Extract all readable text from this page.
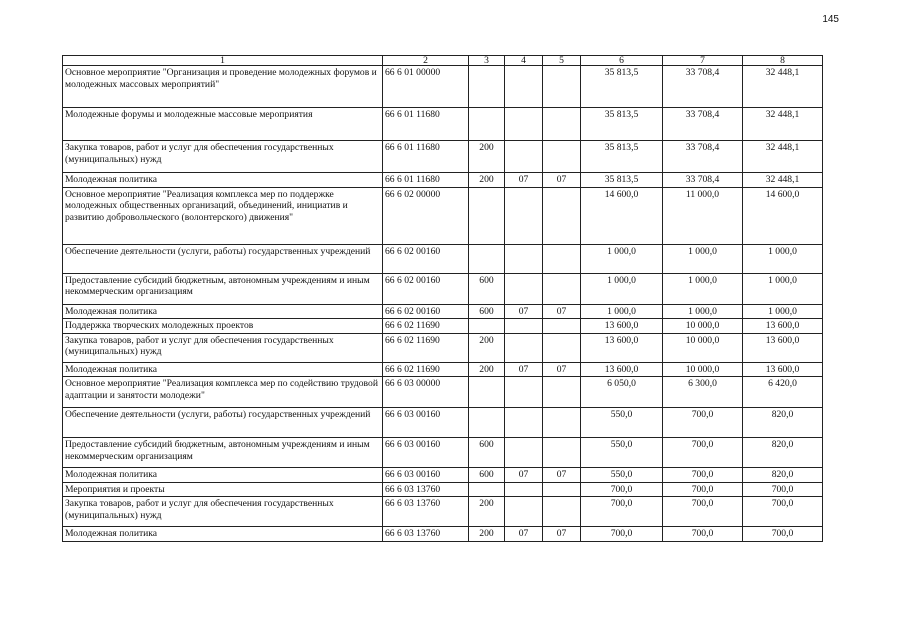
145
1	2	3	4	5	6	7	8
Основное мероприятие "Организация и проведение молодежных форумов и молодежных массовых мероприятий"	66 6 01 00000				35 813,5	33 708,4	32 448,1
Молодежные форумы и молодежные массовые мероприятия	66 6 01 11680				35 813,5	33 708,4	32 448,1
Закупка товаров, работ и услуг для обеспечения государственных (муниципальных) нужд	66 6 01 11680	200			35 813,5	33 708,4	32 448,1
Молодежная политика	66 6 01 11680	200	07	07	35 813,5	33 708,4	32 448,1
Основное мероприятие "Реализация комплекса мер по поддержке молодежных общественных организаций, объединений, инициатив и развитию добровольческого (волонтерского) движения"	66 6 02 00000				14 600,0	11 000,0	14 600,0
Обеспечение деятельности (услуги, работы) государственных учреждений	66 6 02 00160				1 000,0	1 000,0	1 000,0
Предоставление субсидий бюджетным, автономным учреждениям и иным некоммерческим организациям	66 6 02 00160	600			1 000,0	1 000,0	1 000,0
Молодежная политика	66 6 02 00160	600	07	07	1 000,0	1 000,0	1 000,0
Поддержка творческих молодежных проектов	66 6 02 11690				13 600,0	10 000,0	13 600,0
Закупка товаров, работ и услуг для обеспечения государственных (муниципальных) нужд	66 6 02 11690	200			13 600,0	10 000,0	13 600,0
Молодежная политика	66 6 02 11690	200	07	07	13 600,0	10 000,0	13 600,0
Основное мероприятие "Реализация комплекса мер по содействию трудовой адаптации и занятости молодежи"	66 6 03 00000				6 050,0	6 300,0	6 420,0
Обеспечение деятельности (услуги, работы) государственных учреждений	66 6 03 00160				550,0	700,0	820,0
Предоставление субсидий бюджетным, автономным учреждениям и иным некоммерческим организациям	66 6 03 00160	600			550,0	700,0	820,0
Молодежная политика	66 6 03 00160	600	07	07	550,0	700,0	820,0
Мероприятия и проекты	66 6 03 13760				700,0	700,0	700,0
Закупка товаров, работ и услуг для обеспечения государственных (муниципальных) нужд	66 6 03 13760	200			700,0	700,0	700,0
Молодежная политика	66 6 03 13760	200	07	07	700,0	700,0	700,0
